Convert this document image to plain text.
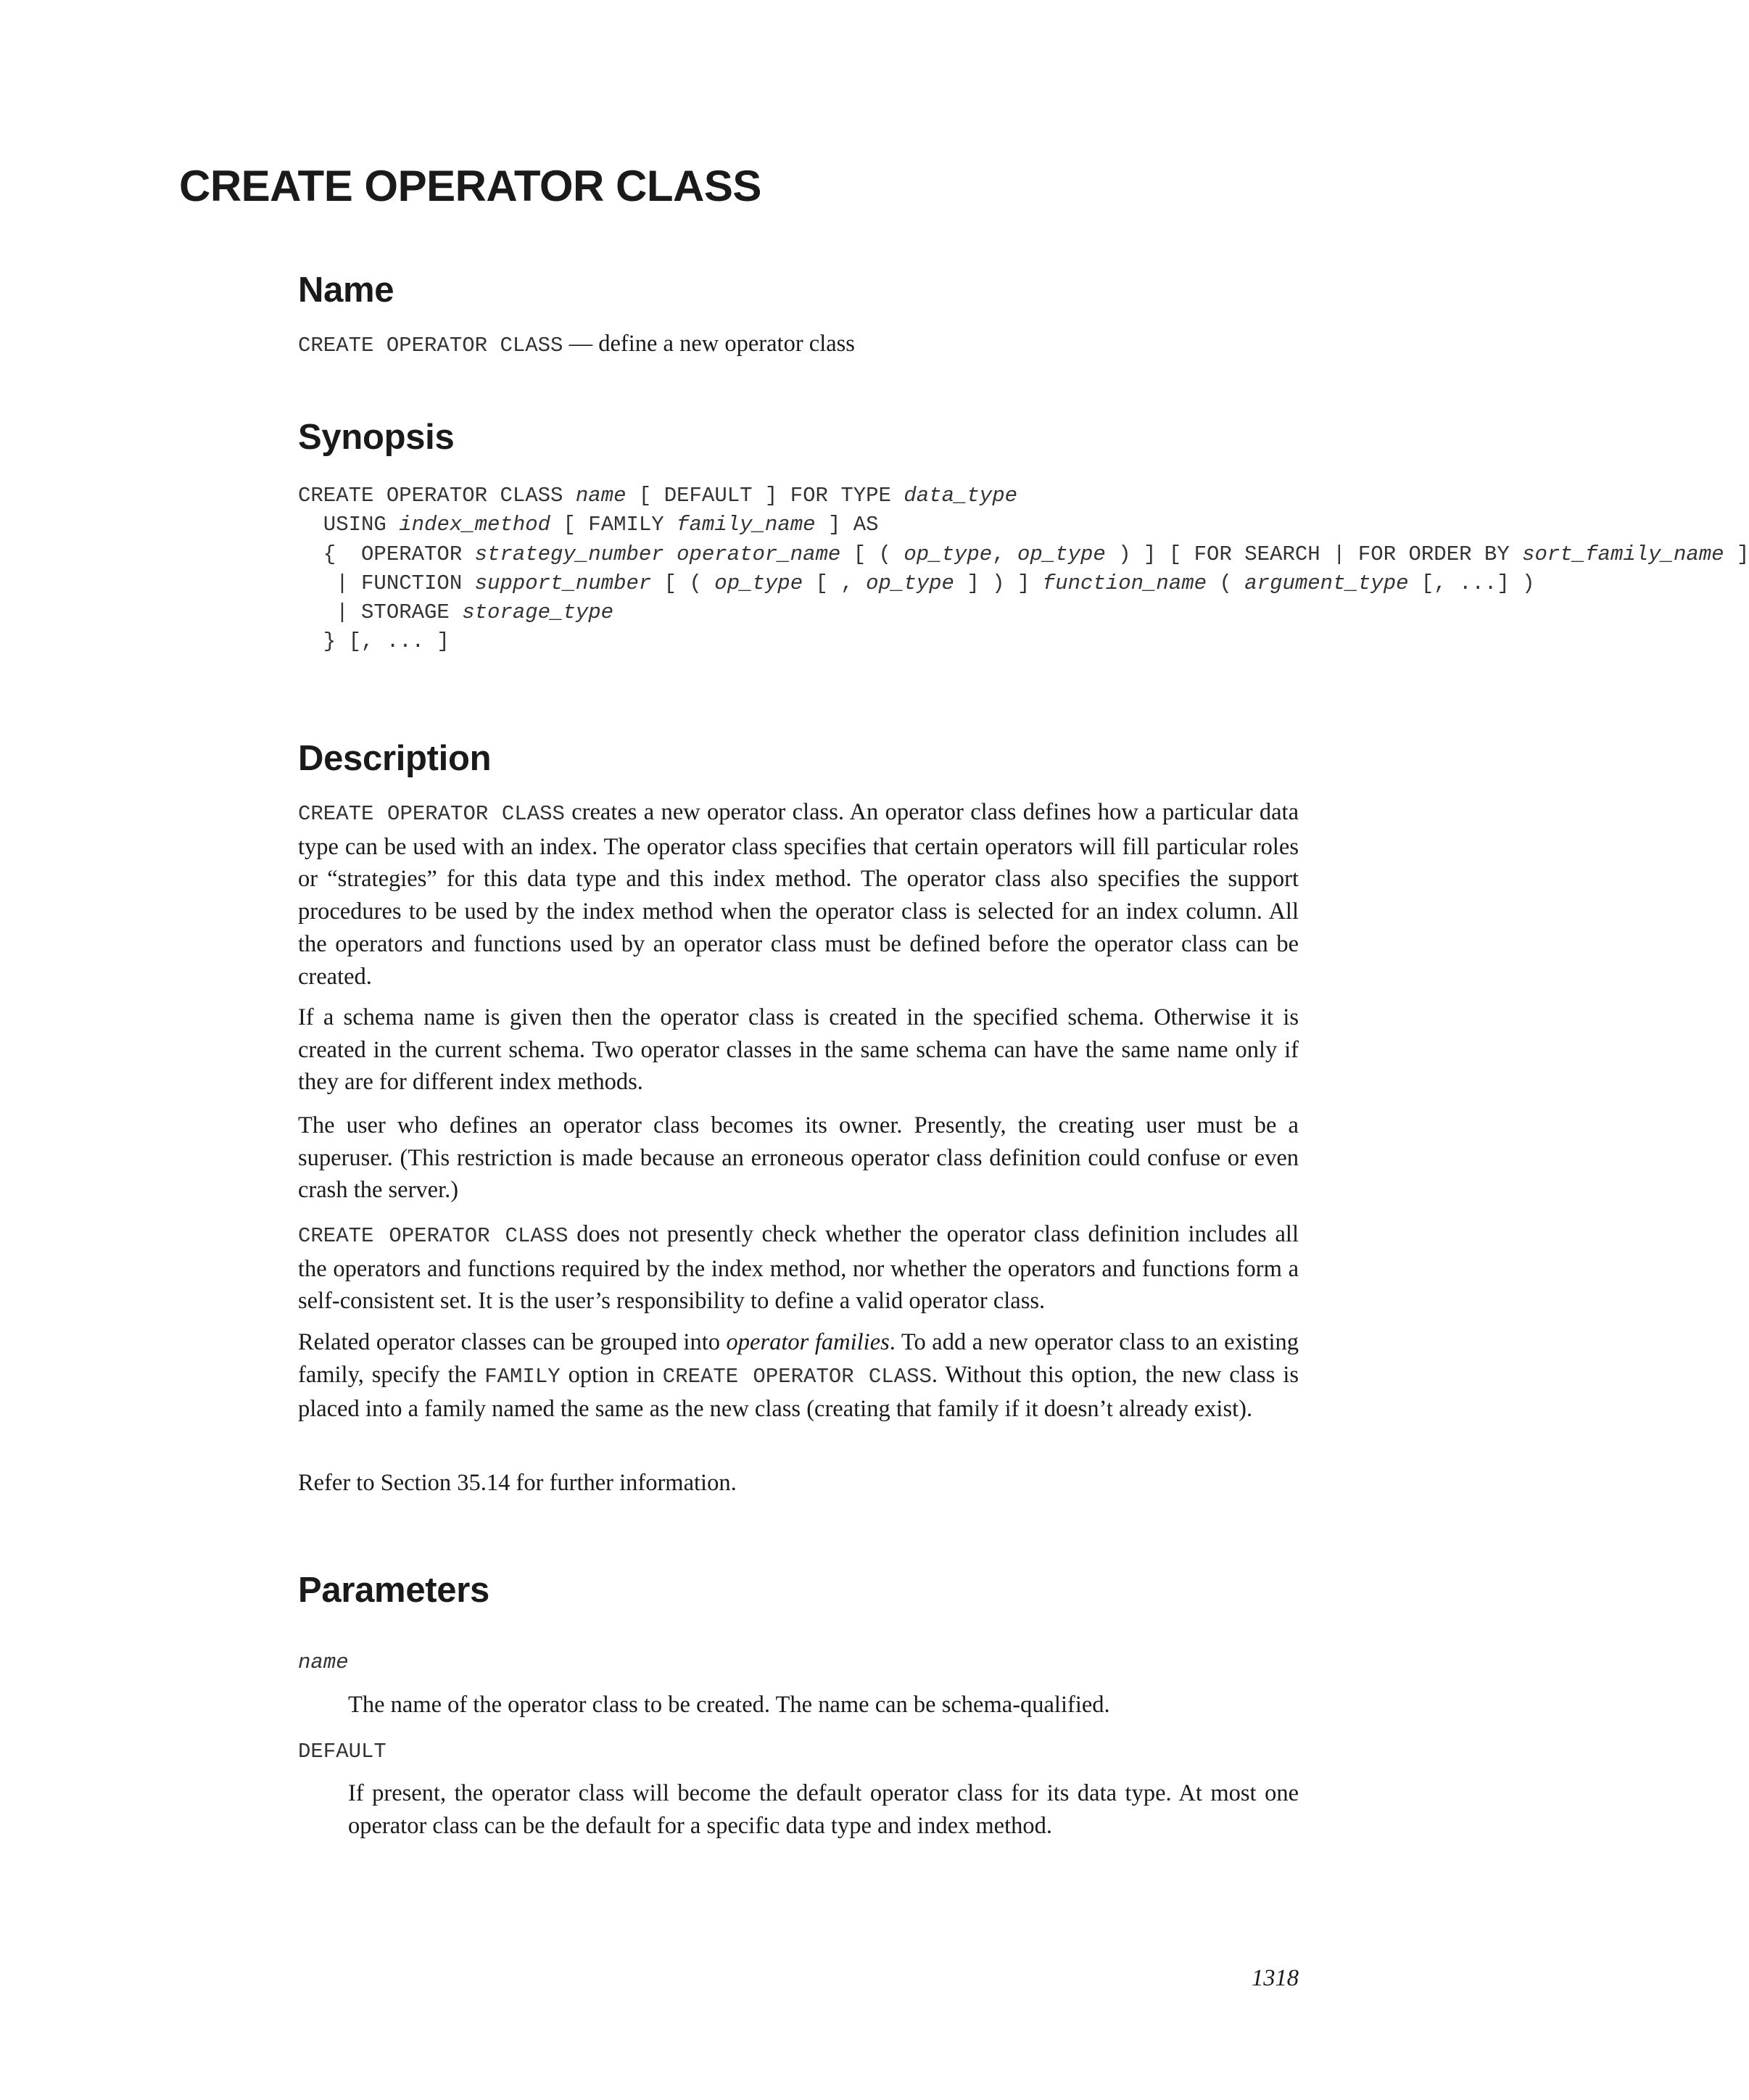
CREATE OPERATOR CLASS
Name

CREATE OPERATOR CLASS — define a new operator class

Synopsis
CREATE OPERATOR CLASS name [ DEFAULT ] FOR TYPE data_type
USING index_method [ FAMILY family_name ] AS
{  OPERATOR strategy_number operator_name [ ( op_type, op_type ) ] [ FOR SEARCH | FOR ORDER BY sort_family_name ]
| FUNCTION support_number [ ( op_type [ , op_type ] ) ] function_name ( argument_type [, ...] )
| STORAGE storage_type
} [, ... ]
Description

CREATE OPERATOR CLASS creates a new operator class. An operator class defines how a particular data type can be used with an index. The operator class specifies that certain operators will fill particular roles or “strategies” for this data type and this index method. The operator class also specifies the support procedures to be used by the index method when the operator class is selected for an index column. All the operators and functions used by an operator class must be defined before the operator class can be created.

If a schema name is given then the operator class is created in the specified schema. Otherwise it is created in the current schema. Two operator classes in the same schema can have the same name only if they are for different index methods.

The user who defines an operator class becomes its owner. Presently, the creating user must be a superuser. (This restriction is made because an erroneous operator class definition could confuse or even crash the server.)

CREATE OPERATOR CLASS does not presently check whether the operator class definition includes all the operators and functions required by the index method, nor whether the operators and functions form a self-consistent set. It is the user’s responsibility to define a valid operator class.

Related operator classes can be grouped into operator families. To add a new operator class to an existing family, specify the FAMILY option in CREATE OPERATOR CLASS. Without this option, the new class is placed into a family named the same as the new class (creating that family if it doesn’t already exist).

Refer to Section 35.14 for further information.

Parameters

name

The name of the operator class to be created. The name can be schema-qualified.

DEFAULT

If present, the operator class will become the default operator class for its data type. At most one operator class can be the default for a specific data type and index method.

1318
